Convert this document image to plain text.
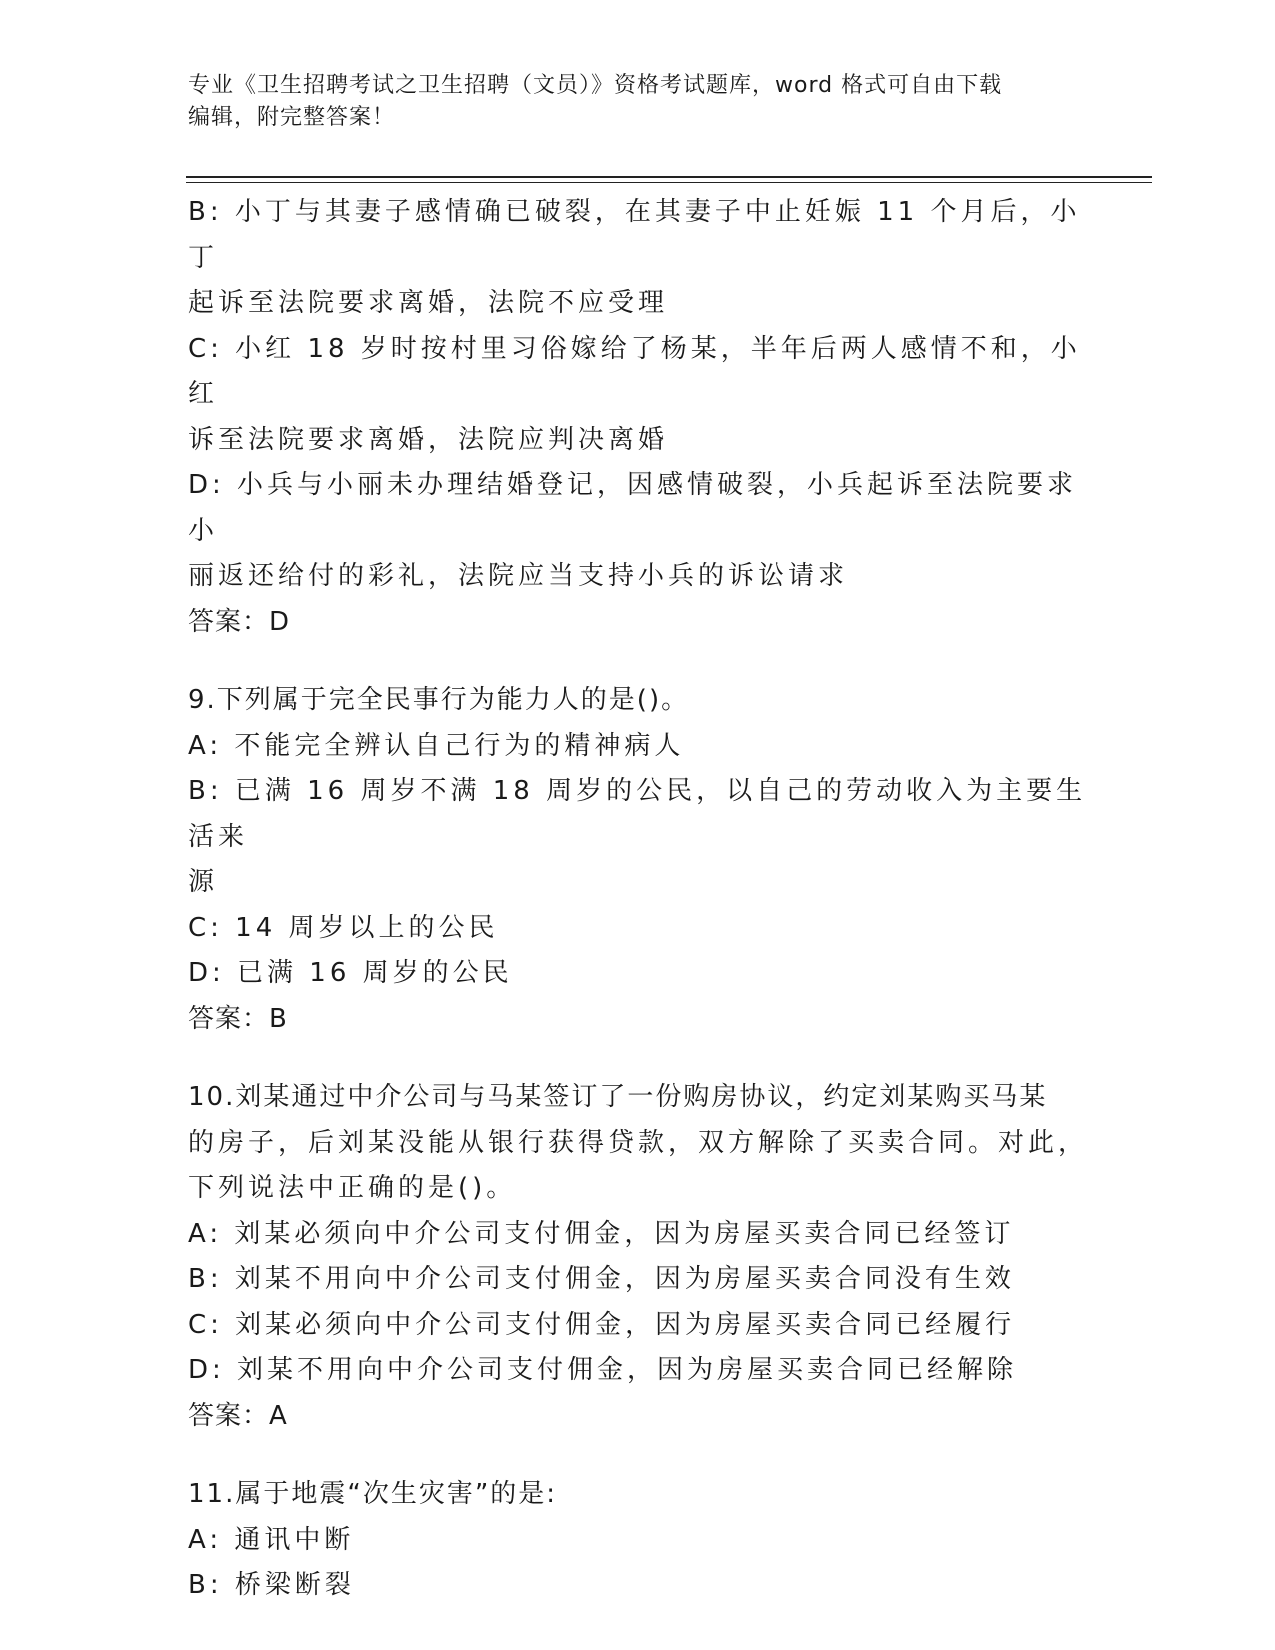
专业《卫生招聘考试之卫生招聘（文员）》资格考试题库，word 格式可自由下载
编辑，附完整答案！
B: 小丁与其妻子感情确已破裂，在其妻子中止妊娠 11 个月后，小丁
起诉至法院要求离婚，法院不应受理
C: 小红 18 岁时按村里习俗嫁给了杨某，半年后两人感情不和，小红
诉至法院要求离婚，法院应判决离婚
D: 小兵与小丽未办理结婚登记，因感情破裂，小兵起诉至法院要求小
丽返还给付的彩礼，法院应当支持小兵的诉讼请求
答案：D
9.下列属于完全民事行为能力人的是()。
A: 不能完全辨认自己行为的精神病人
B: 已满 16 周岁不满 18 周岁的公民，以自己的劳动收入为主要生活来
源
C: 14 周岁以上的公民
D: 已满 16 周岁的公民
答案：B
10.刘某通过中介公司与马某签订了一份购房协议，约定刘某购买马某
的房子，后刘某没能从银行获得贷款，双方解除了买卖合同。对此，
下列说法中正确的是()。
A: 刘某必须向中介公司支付佣金，因为房屋买卖合同已经签订
B: 刘某不用向中介公司支付佣金，因为房屋买卖合同没有生效
C: 刘某必须向中介公司支付佣金，因为房屋买卖合同已经履行
D: 刘某不用向中介公司支付佣金，因为房屋买卖合同已经解除
答案：A
11.属于地震“次生灾害”的是:
A: 通讯中断
B: 桥梁断裂
